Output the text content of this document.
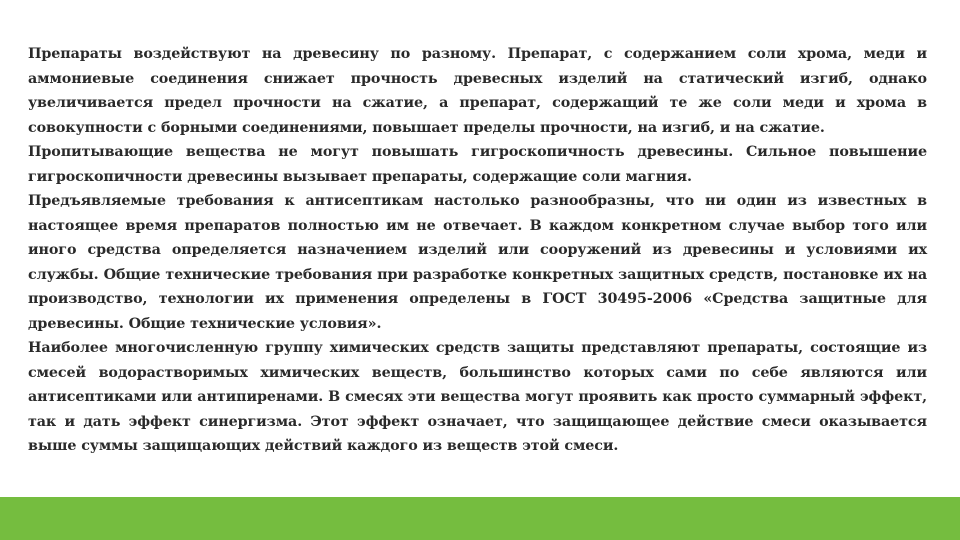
Препараты воздействуют на древесину по разному. Препарат, с содержанием соли хрома, меди и аммониевые соединения снижает прочность древесных изделий на статический изгиб, однако увеличивается предел прочности на сжатие, а препарат, содержащий те же соли меди и хрома в совокупности с борными соединениями, повышает пределы прочности, на изгиб, и на сжатие.

Пропитывающие вещества не могут повышать гигроскопичность древесины. Сильное повышение гигроскопичности древесины вызывает препараты, содержащие соли магния.

Предъявляемые требования к антисептикам настолько разнообразны, что ни один из известных в настоящее время препаратов полностью им не отвечает. В каждом конкретном случае выбор того или иного средства определяется назначением изделий или сооружений из древесины и условиями их службы. Общие технические требования при разработке конкретных защитных средств, постановке их на производство, технологии их применения определены в ГОСТ 30495-2006 «Средства защитные для древесины. Общие технические условия».

Наиболее многочисленную группу химических средств защиты представляют препараты, состоящие из смесей водорастворимых химических веществ, большинство которых сами по себе являются или антисептиками или антипиренами. В смесях эти вещества могут проявить как просто суммарный эффект, так и дать эффект синергизма. Этот эффект означает, что защищающее действие смеси оказывается выше суммы защищающих действий каждого из веществ этой смеси.
